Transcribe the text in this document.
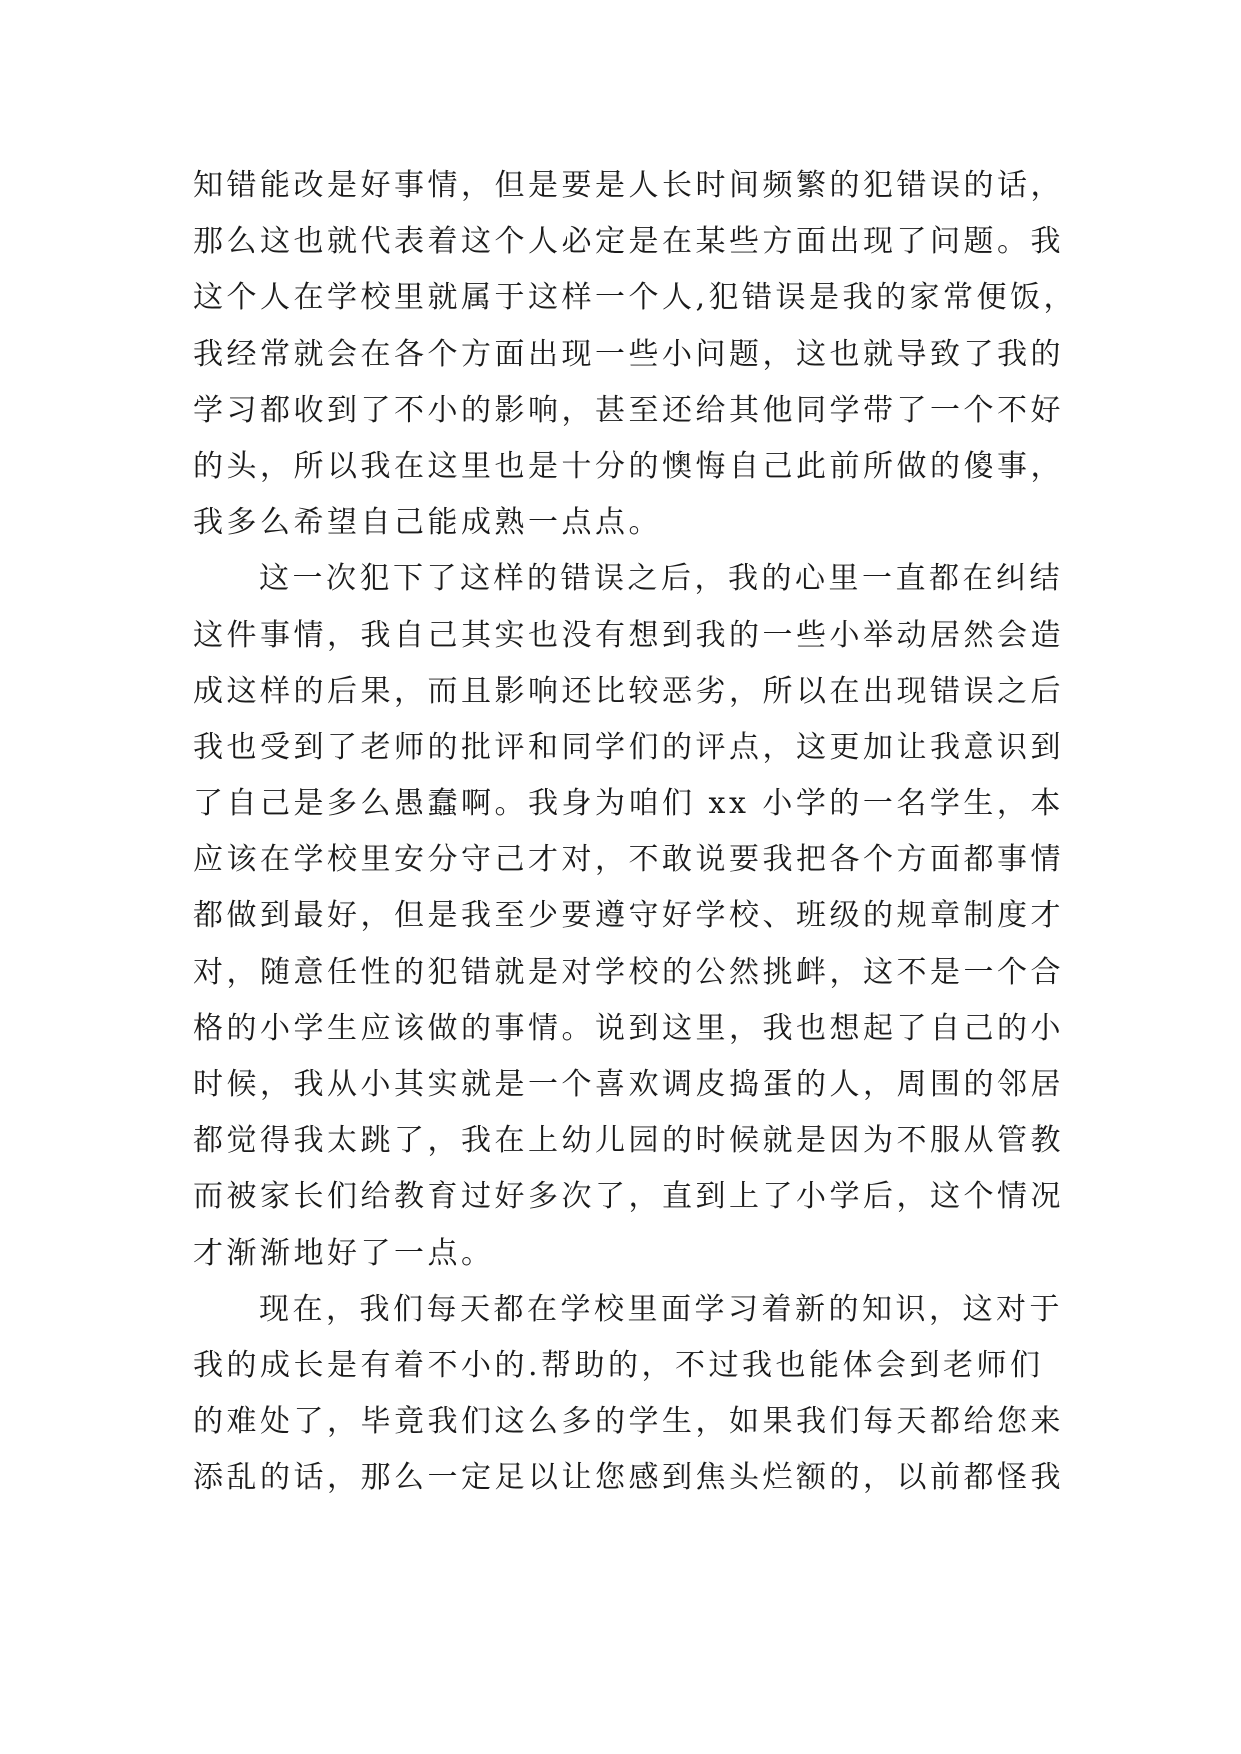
知错能改是好事情，但是要是人长时间频繁的犯错误的话，
那么这也就代表着这个人必定是在某些方面出现了问题。我
这个人在学校里就属于这样一个人,犯错误是我的家常便饭，
我经常就会在各个方面出现一些小问题，这也就导致了我的
学习都收到了不小的影响，甚至还给其他同学带了一个不好
的头，所以我在这里也是十分的懊悔自己此前所做的傻事，
我多么希望自己能成熟一点点。
这一次犯下了这样的错误之后，我的心里一直都在纠结
这件事情，我自己其实也没有想到我的一些小举动居然会造
成这样的后果，而且影响还比较恶劣，所以在出现错误之后
我也受到了老师的批评和同学们的评点，这更加让我意识到
了自己是多么愚蠢啊。我身为咱们 xx 小学的一名学生，本
应该在学校里安分守己才对，不敢说要我把各个方面都事情
都做到最好，但是我至少要遵守好学校、班级的规章制度才
对，随意任性的犯错就是对学校的公然挑衅，这不是一个合
格的小学生应该做的事情。说到这里，我也想起了自己的小
时候，我从小其实就是一个喜欢调皮捣蛋的人，周围的邻居
都觉得我太跳了，我在上幼儿园的时候就是因为不服从管教
而被家长们给教育过好多次了，直到上了小学后，这个情况
才渐渐地好了一点。
现在，我们每天都在学校里面学习着新的知识，这对于
我的成长是有着不小的.帮助的，不过我也能体会到老师们
的难处了，毕竟我们这么多的学生，如果我们每天都给您来
添乱的话，那么一定足以让您感到焦头烂额的，以前都怪我
